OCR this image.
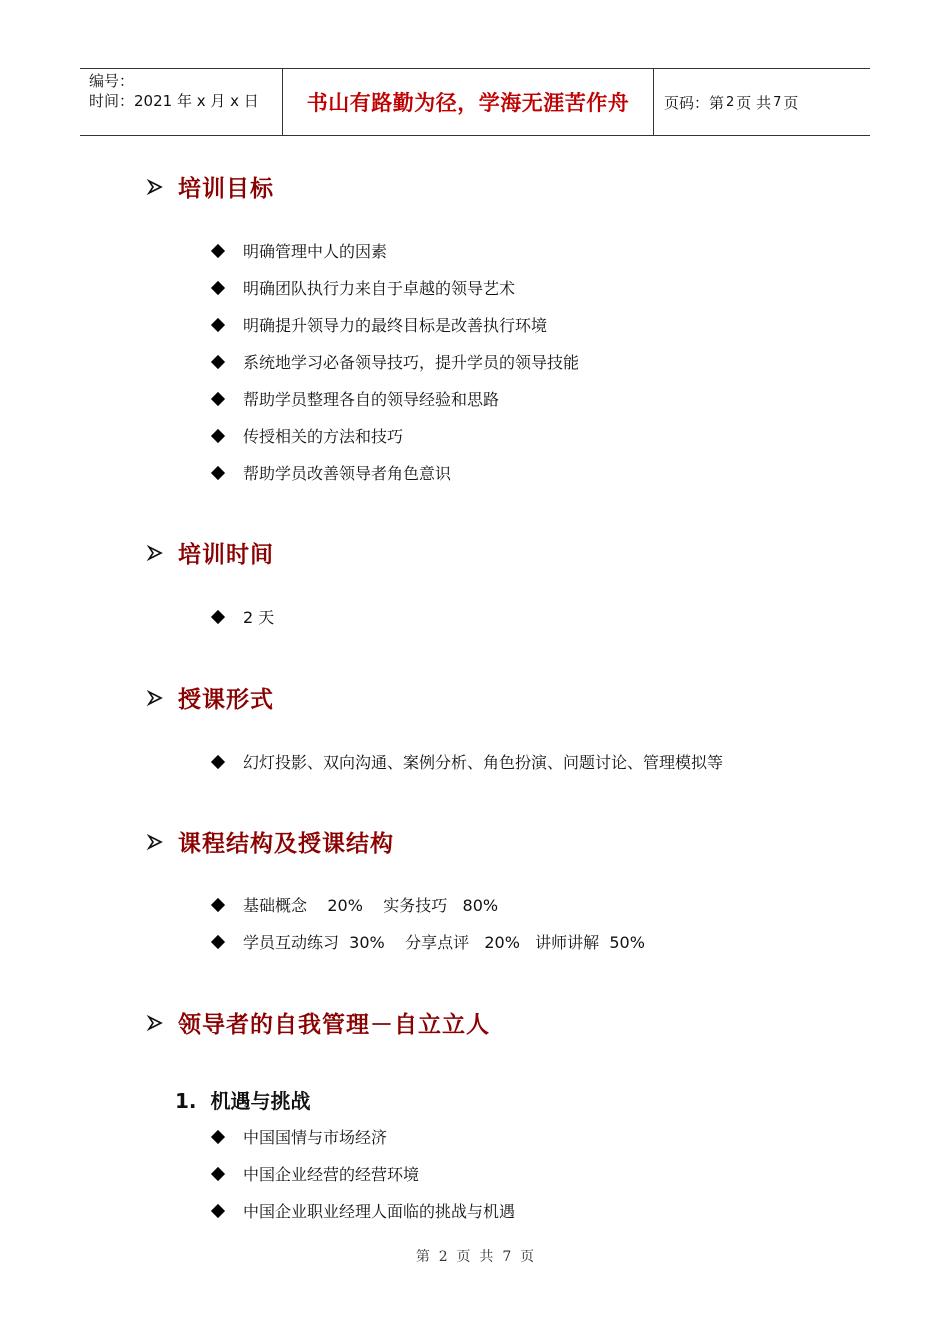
编号：
时间：2021 年 x 月 x 日	书山有路勤为径，学海无涯苦作舟	页码：第 2 页 共 7 页
培训目标
明确管理中人的因素
明确团队执行力来自于卓越的领导艺术
明确提升领导力的最终目标是改善执行环境
系统地学习必备领导技巧，提升学员的领导技能
帮助学员整理各自的领导经验和思路
传授相关的方法和技巧
帮助学员改善领导者角色意识
培训时间
2 天
授课形式
幻灯投影、双向沟通、案例分析、角色扮演、问题讨论、管理模拟等
课程结构及授课结构
基础概念    20%    实务技巧   80%
学员互动练习  30%    分享点评   20%   讲师讲解  50%
领导者的自我管理－自立立人
1.  机遇与挑战
中国国情与市场经济
中国企业经营的经营环境
中国企业职业经理人面临的挑战与机遇
第  2  页  共  7  页
